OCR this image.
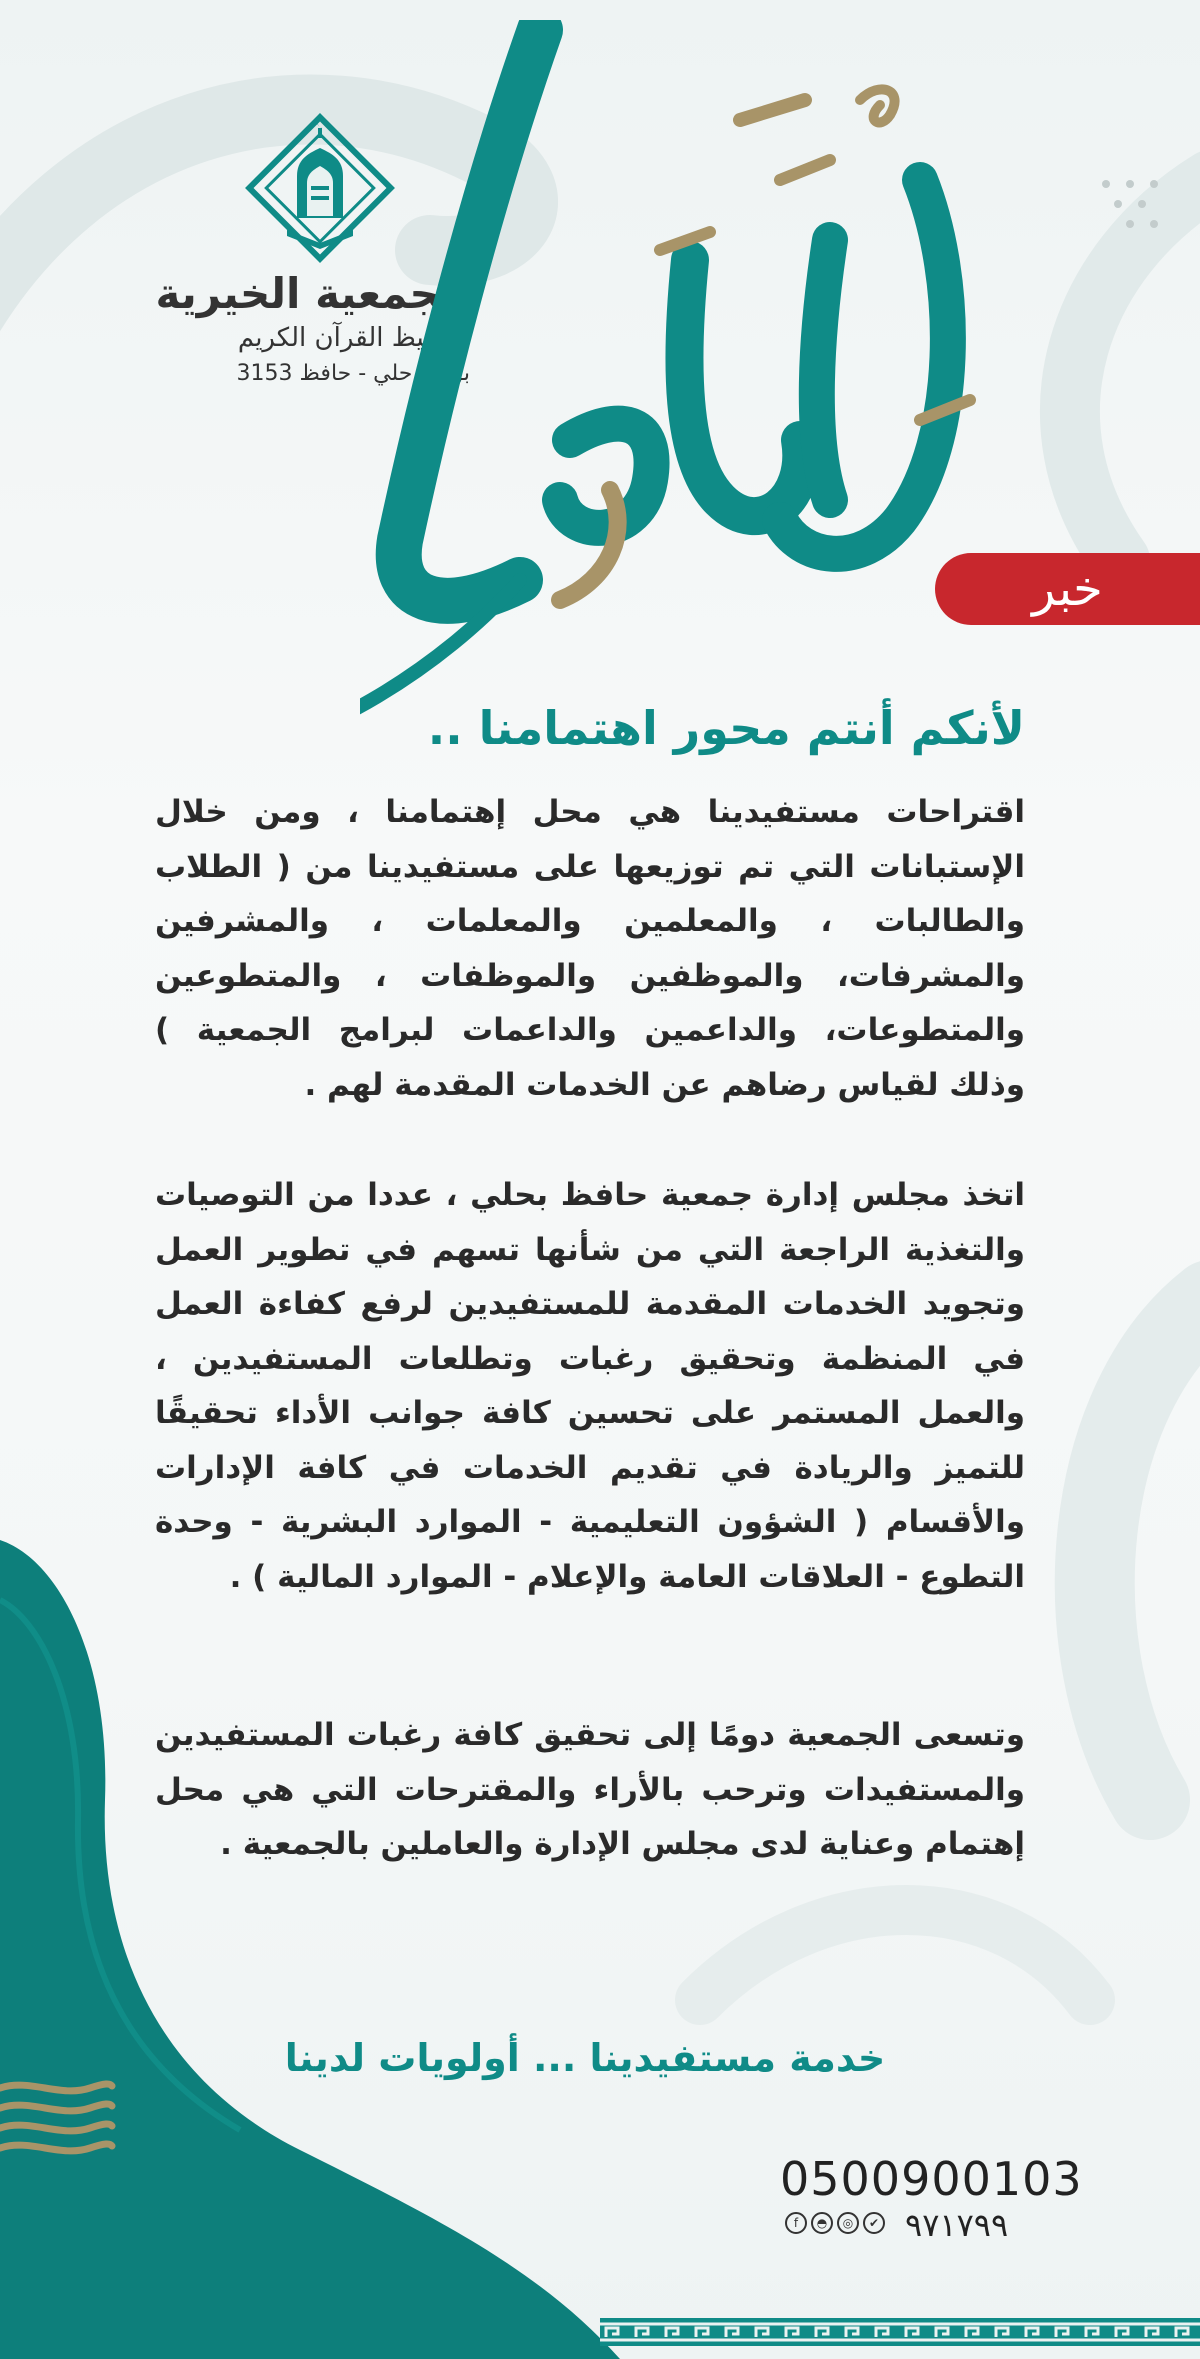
الجمعية الخيرية
لتحفيظ القرآن الكريم
بوادي حلي - حافظ 3153
خبر
لأنكم أنتم محور اهتمامنا ..
اقتراحات مستفيدينا هي محل إهتمامنا ، ومن خلال الإستبانات التي تم توزيعها على مستفيدينا من ( الطلاب والطالبات ، والمعلمين والمعلمات ، والمشرفين والمشرفات، والموظفين والموظفات ، والمتطوعين والمتطوعات، والداعمين والداعمات لبرامج الجمعية ) وذلك لقياس رضاهم عن الخدمات المقدمة لهم .
اتخذ مجلس إدارة جمعية حافظ بحلي ، عددا من التوصيات والتغذية الراجعة التي من شأنها تسهم في تطوير العمل وتجويد الخدمات المقدمة للمستفيدين لرفع كفاءة العمل في المنظمة وتحقيق رغبات وتطلعات المستفيدين ، والعمل المستمر على تحسين كافة جوانب الأداء تحقيقًا للتميز والريادة في تقديم الخدمات في كافة الإدارات والأقسام ( الشؤون التعليمية - الموارد البشرية - وحدة التطوع - العلاقات العامة والإعلام - الموارد المالية ) .
وتسعى الجمعية دومًا إلى تحقيق كافة رغبات المستفيدين والمستفيدات وترحب بالأراء والمقترحات التي هي محل إهتمام وعناية لدى مجلس الإدارة والعاملين بالجمعية .
خدمة مستفيدينا ... أولويات لدينا
0500900103
f	◓	◎	✔ ٩٧١٧٩٩
